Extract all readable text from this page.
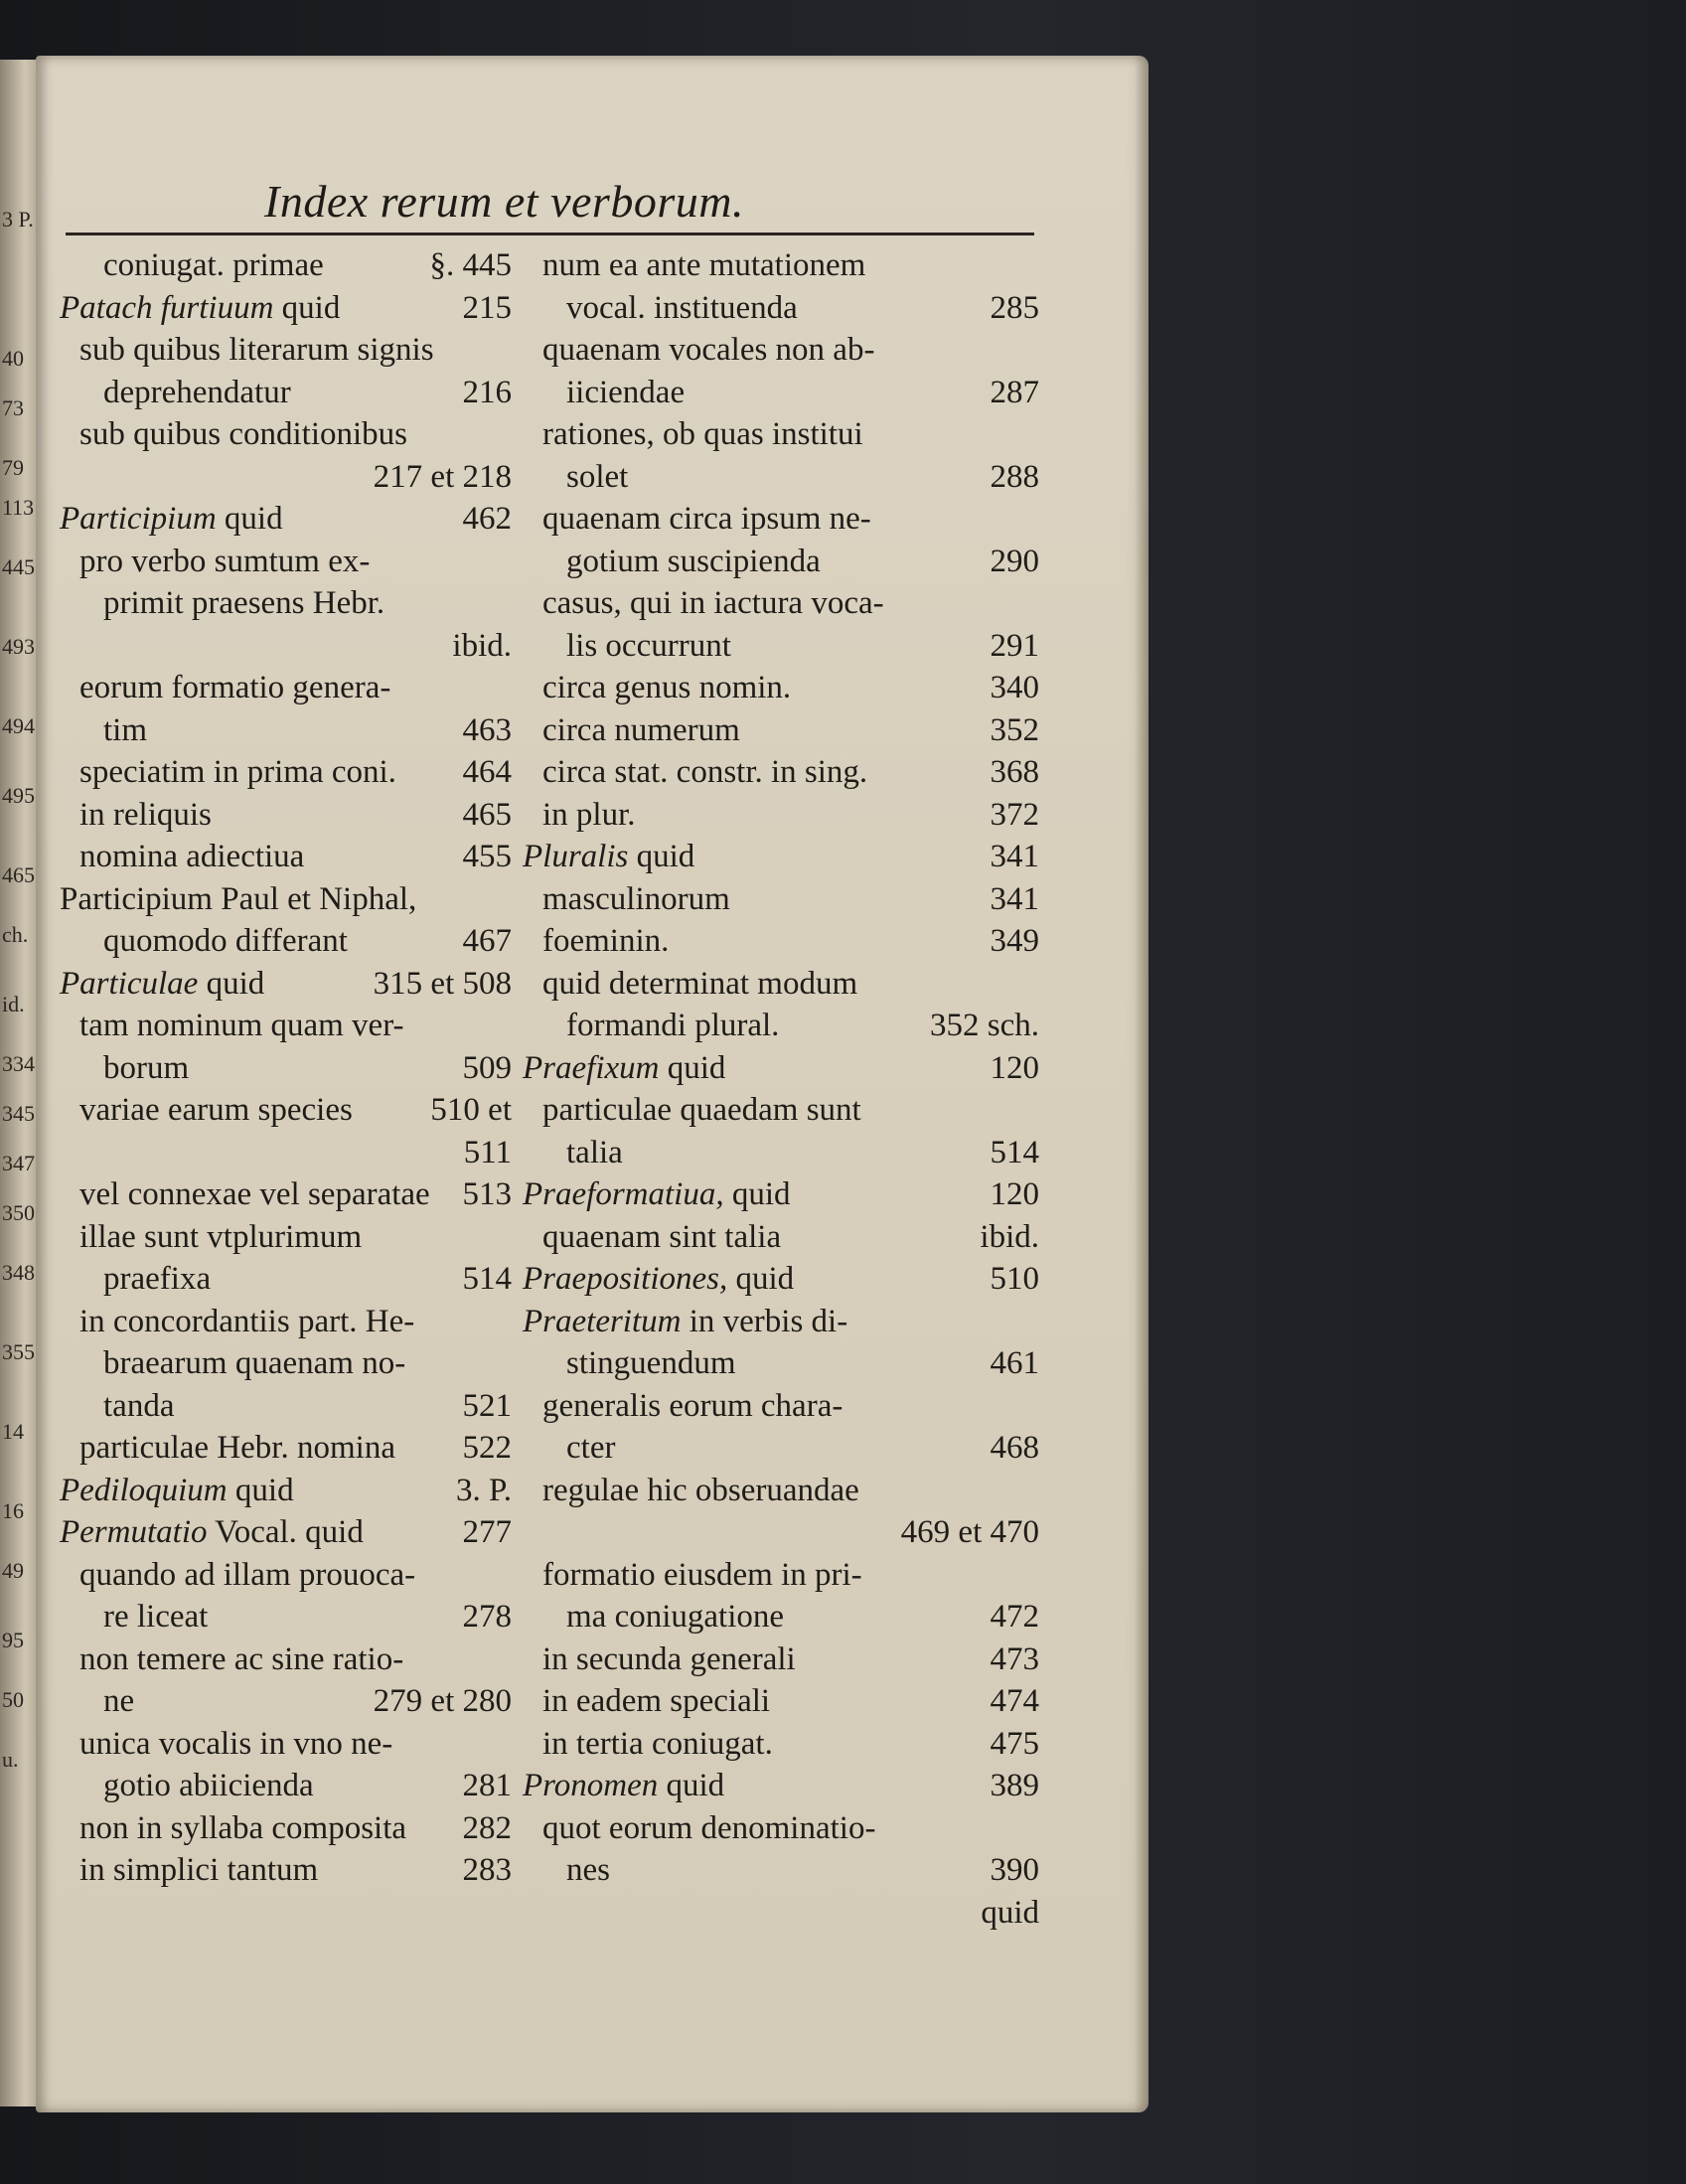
3 P.
40
73
79
113
445
493
494
495
465
ch.
id.
334
345
347
350
348
355
14
16
49
95
50
u.
Index rerum et verborum.
coniugat. primae	§. 445
Patach furtiuum quid	215
sub quibus literarum signis
deprehendatur	216
sub quibus conditionibus
217 et 218
Participium quid	462
pro verbo sumtum ex-
primit praesens Hebr.
ibid.
eorum formatio genera-
tim	463
speciatim in prima coni. 464
in reliquis	465
nomina adiectiua	455
Participium Paul et Niphal,
quomodo differant	467
Particulae quid	315 et 508
tam nominum quam ver-
borum	509
variae earum species 510 et
511
vel connexae vel separatae 513
illae sunt vtplurimum
praefixa	514
in concordantiis part. He-
braearum quaenam no-
tanda	521
particulae Hebr. nomina 522
Pediloquium quid	3. P.
Permutatio Vocal. quid	277
quando ad illam prouoca-
re liceat	278
non temere ac sine ratio-
ne	279 et 280
unica vocalis in vno ne-
gotio abiicienda	281
non in syllaba composita 282
in simplici tantum	283
num ea ante mutationem
vocal. instituenda	285
quaenam vocales non ab-
iiciendae	287
rationes, ob quas institui
solet	288
quaenam circa ipsum ne-
gotium suscipienda	290
casus, qui in iactura voca-
lis occurrunt	291
circa genus nomin.	340
circa numerum	352
circa stat. constr. in sing.	368
in plur.	372
Pluralis quid	341
masculinorum	341
foeminin.	349
quid determinat modum
formandi plural.	352 sch.
Praefixum quid	120
particulae quaedam sunt
talia	514
Praeformatiua, quid	120
quaenam sint talia	ibid.
Praepositiones, quid	510
Praeteritum in verbis di-
stinguendum	461
generalis eorum chara-
cter	468
regulae hic obseruandae
469 et 470
formatio eiusdem in pri-
ma coniugatione	472
in secunda generali	473
in eadem speciali	474
in tertia coniugat.	475
Pronomen quid	389
quot eorum denominatio-
nes	390
quid
